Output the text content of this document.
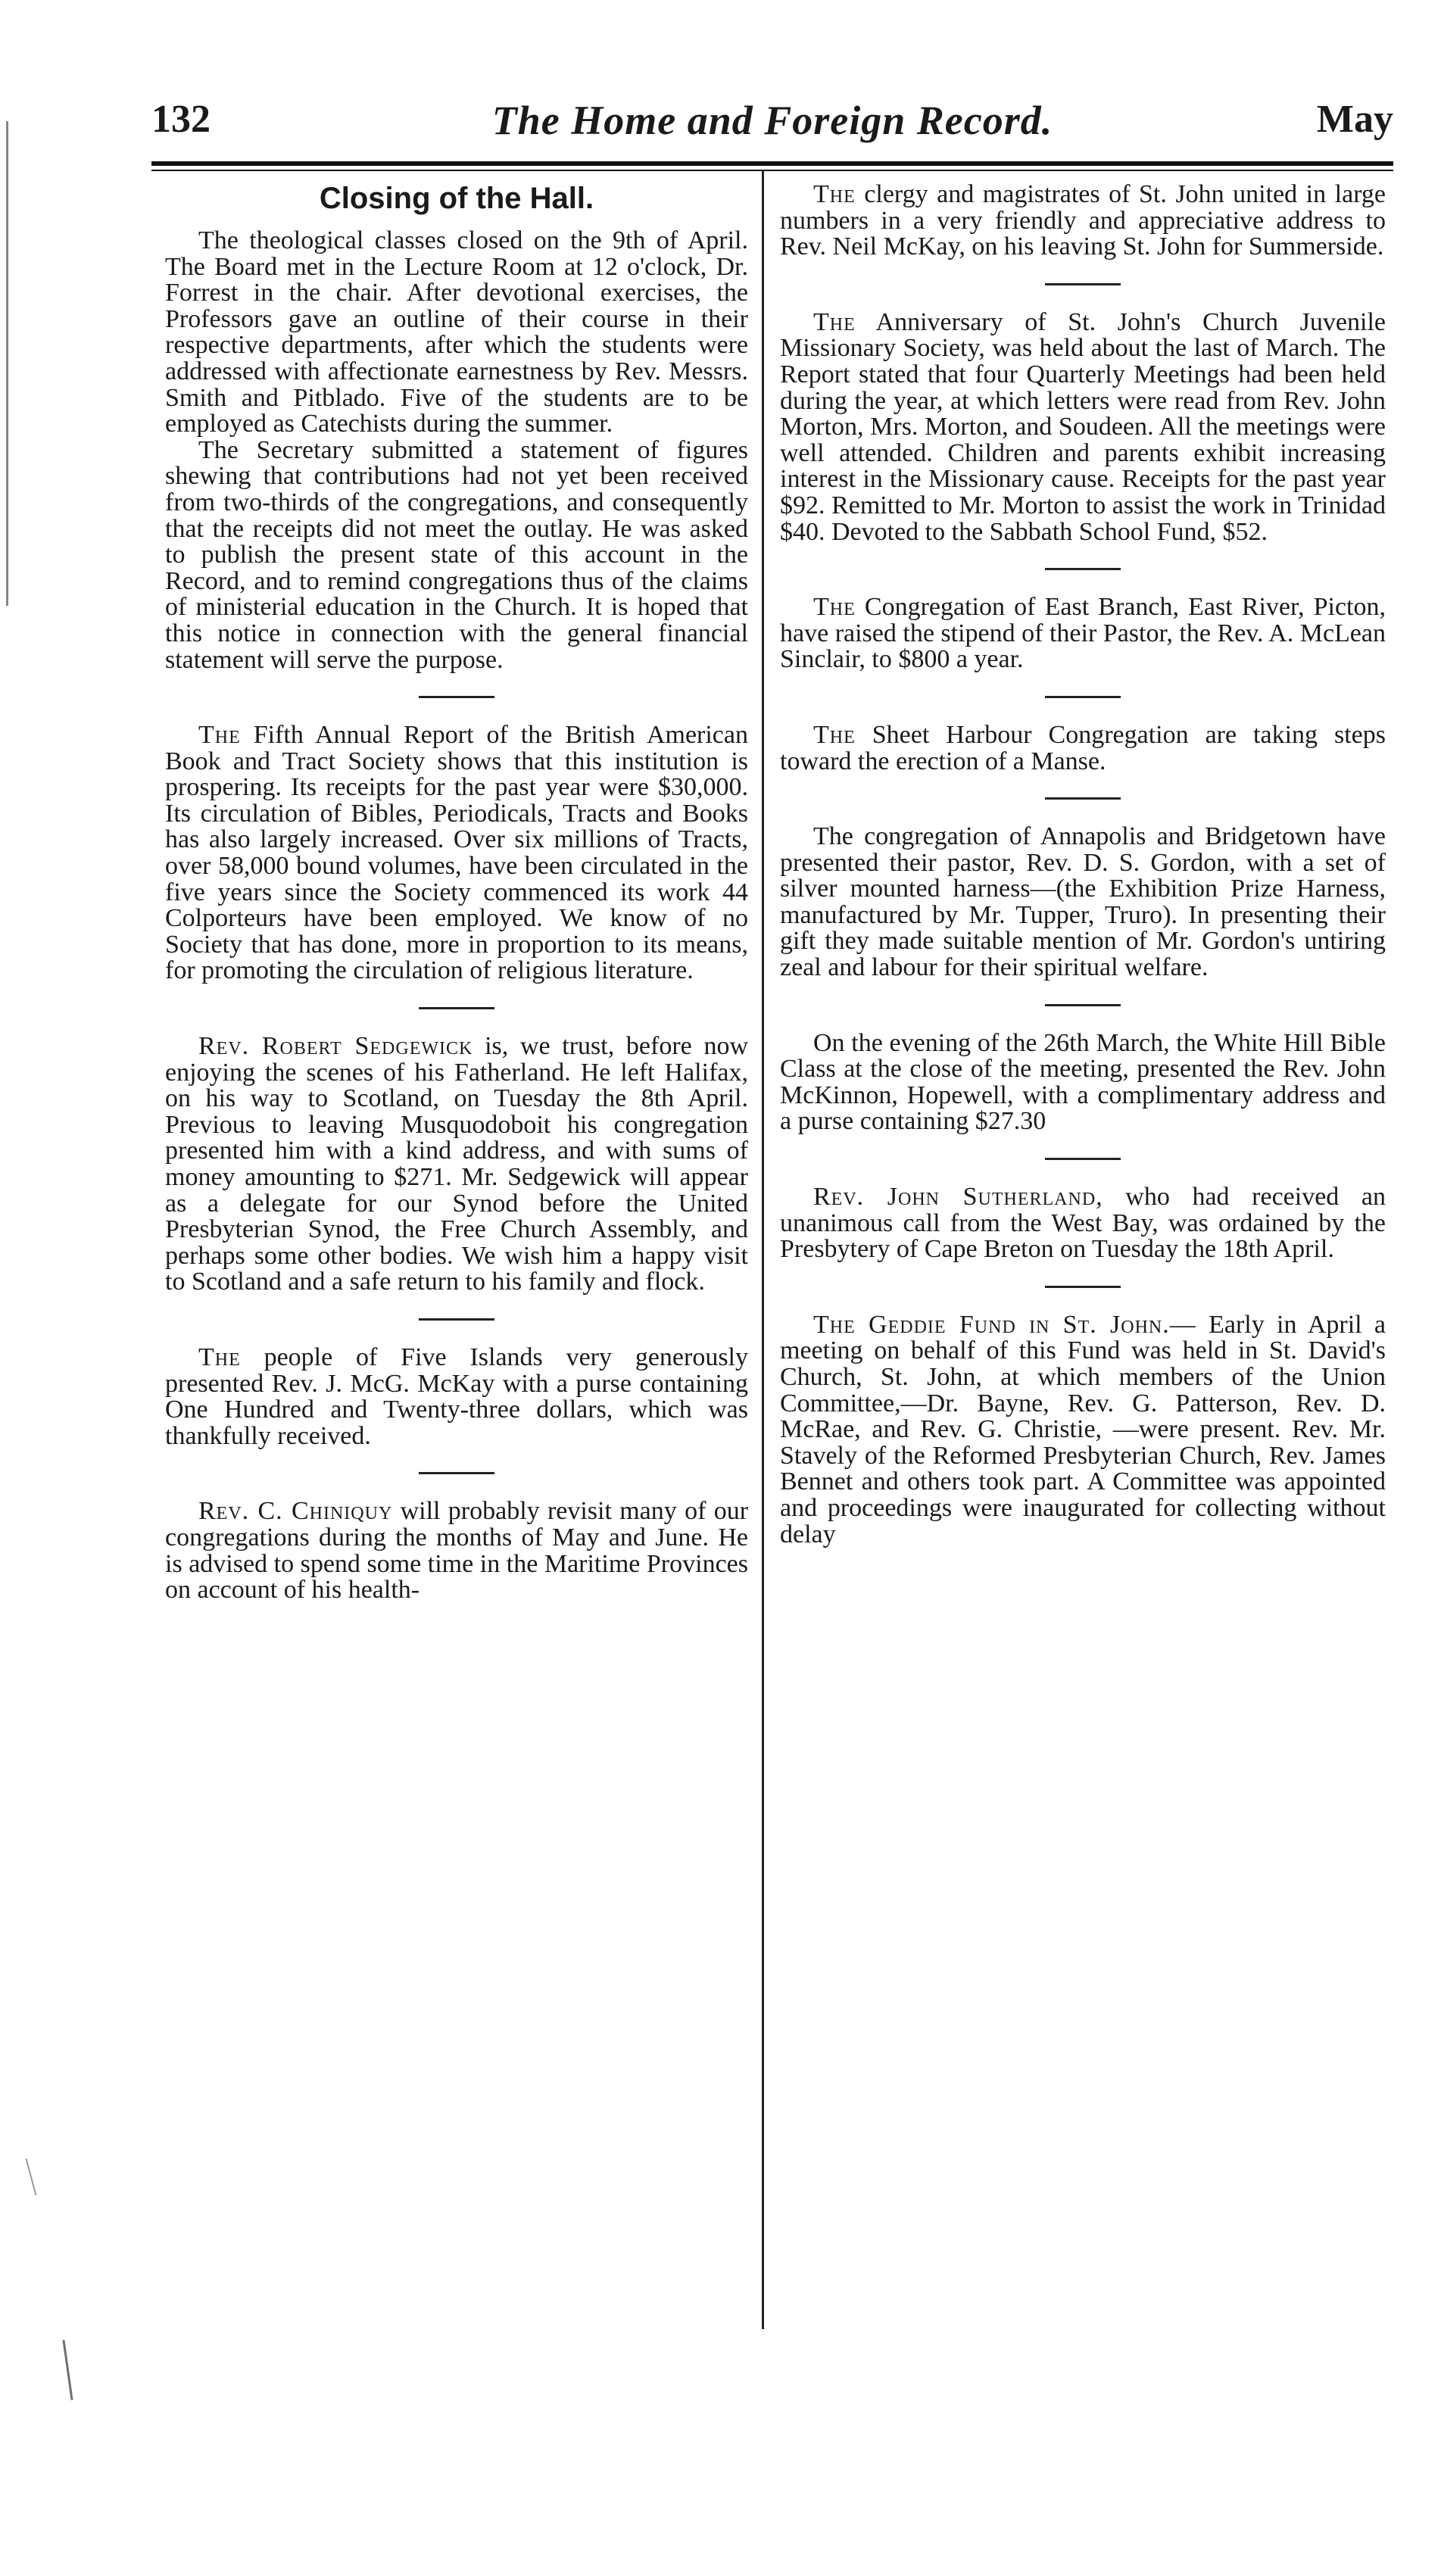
132	The Home and Foreign Record.	May
Closing of the Hall.

The theological classes closed on the 9th of April. The Board met in the Lecture Room at 12 o'clock, Dr. Forrest in the chair. After devotional exercises, the Professors gave an outline of their course in their respective departments, after which the students were addressed with affectionate earnestness by Rev. Messrs. Smith and Pitblado. Five of the students are to be employed as Catechists during the summer.

The Secretary submitted a statement of figures shewing that contributions had not yet been received from two-thirds of the congregations, and consequently that the receipts did not meet the outlay. He was asked to publish the present state of this account in the Record, and to remind congregations thus of the claims of ministerial education in the Church. It is hoped that this notice in connection with the general financial statement will serve the purpose.

The Fifth Annual Report of the British American Book and Tract Society shows that this institution is prospering. Its receipts for the past year were $30,000. Its circulation of Bibles, Periodicals, Tracts and Books has also largely increased. Over six millions of Tracts, over 58,000 bound volumes, have been circulated in the five years since the Society commenced its work 44 Colporteurs have been employed. We know of no Society that has done, more in proportion to its means, for promoting the circulation of religious literature.

Rev. Robert Sedgewick is, we trust, before now enjoying the scenes of his Fatherland. He left Halifax, on his way to Scotland, on Tuesday the 8th April. Previous to leaving Musquodoboit his congregation presented him with a kind address, and with sums of money amounting to $271. Mr. Sedgewick will appear as a delegate for our Synod before the United Presbyterian Synod, the Free Church Assembly, and perhaps some other bodies. We wish him a happy visit to Scotland and a safe return to his family and flock.

The people of Five Islands very generously presented Rev. J. McG. McKay with a purse containing One Hundred and Twenty-three dollars, which was thankfully received.

Rev. C. Chiniquy will probably revisit many of our congregations during the months of May and June. He is advised to spend some time in the Maritime Provinces on account of his health-

The clergy and magistrates of St. John united in large numbers in a very friendly and appreciative address to Rev. Neil McKay, on his leaving St. John for Summerside.

The Anniversary of St. John's Church Juvenile Missionary Society, was held about the last of March. The Report stated that four Quarterly Meetings had been held during the year, at which letters were read from Rev. John Morton, Mrs. Morton, and Soudeen. All the meetings were well attended. Children and parents exhibit increasing interest in the Missionary cause. Receipts for the past year $92. Remitted to Mr. Morton to assist the work in Trinidad $40. Devoted to the Sabbath School Fund, $52.

The Congregation of East Branch, East River, Picton, have raised the stipend of their Pastor, the Rev. A. McLean Sinclair, to $800 a year.

The Sheet Harbour Congregation are taking steps toward the erection of a Manse.

The congregation of Annapolis and Bridgetown have presented their pastor, Rev. D. S. Gordon, with a set of silver mounted harness—(the Exhibition Prize Harness, manufactured by Mr. Tupper, Truro). In presenting their gift they made suitable mention of Mr. Gordon's untiring zeal and labour for their spiritual welfare.

On the evening of the 26th March, the White Hill Bible Class at the close of the meeting, presented the Rev. John McKinnon, Hopewell, with a complimentary address and a purse containing $27.30

Rev. John Sutherland, who had received an unanimous call from the West Bay, was ordained by the Presbytery of Cape Breton on Tuesday the 18th April.

The Geddie Fund in St. John.— Early in April a meeting on behalf of this Fund was held in St. David's Church, St. John, at which members of the Union Committee,—Dr. Bayne, Rev. G. Patterson, Rev. D. McRae, and Rev. G. Christie, —were present. Rev. Mr. Stavely of the Reformed Presbyterian Church, Rev. James Bennet and others took part. A Committee was appointed and proceedings were inaugurated for collecting without delay
